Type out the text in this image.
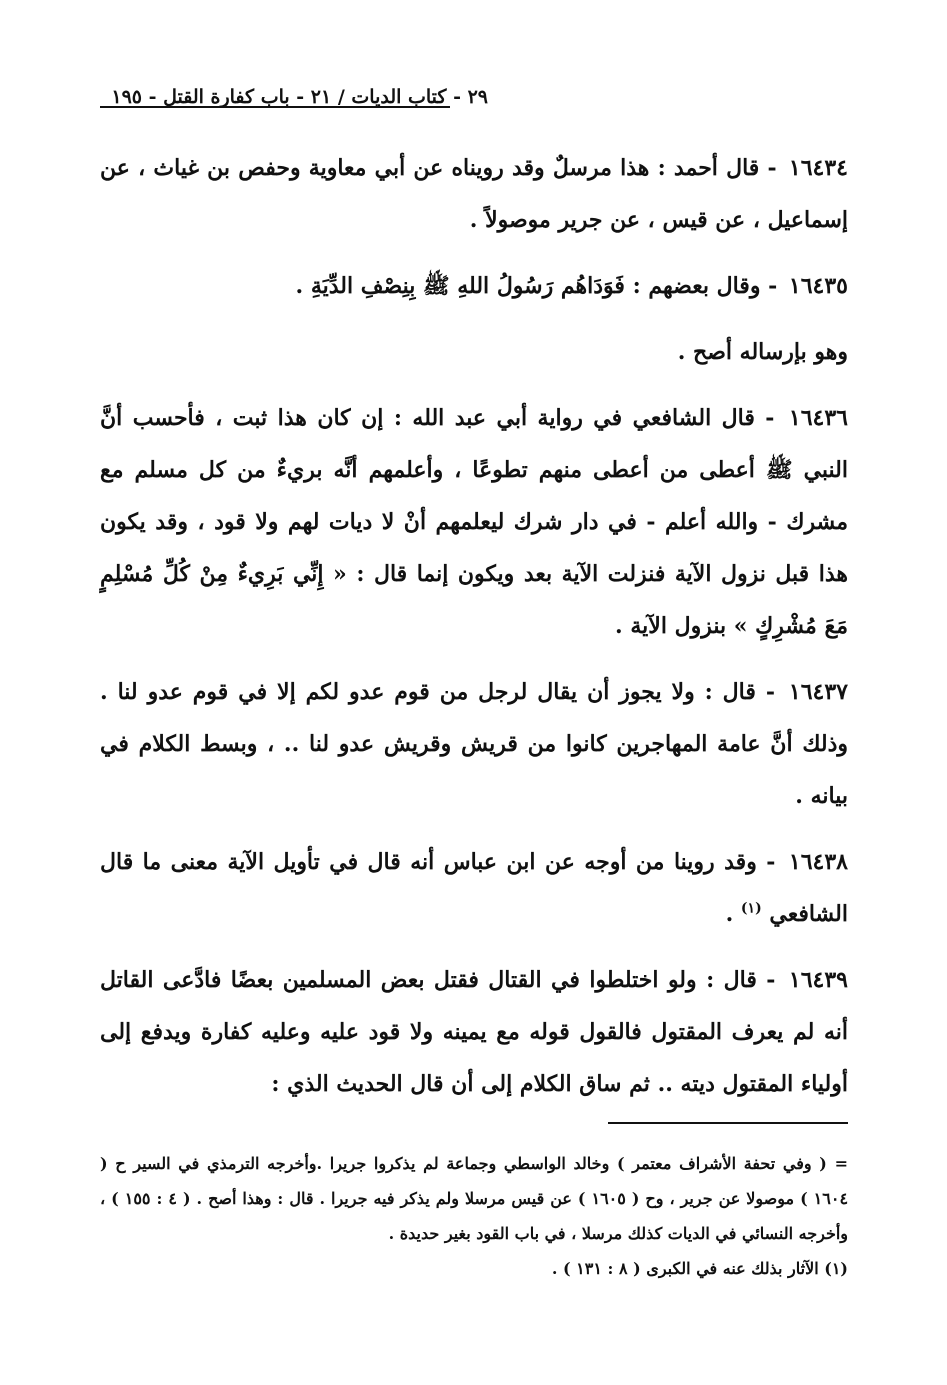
٢٩ - كتاب الديات / ٢١ - باب كفارة القتل - ١٩٥

١٦٤٣٤ - قال أحمد : هذا مرسلٌ وقد رويناه عن أبي معاوية وحفص بن غياث ، عن إسماعيل ، عن قيس ، عن جرير موصولاً .

١٦٤٣٥ - وقال بعضهم : فَوَدَاهُم رَسُولُ اللهِ ﷺ بِنِصْفِ الدِّيَةِ .

وهو بإرساله أصح .

١٦٤٣٦ - قال الشافعي في رواية أبي عبد الله : إن كان هذا ثبت ، فأحسب أنَّ النبي ﷺ أعطى من أعطى منهم تطوعًا ، وأعلمهم أنَّه بريءٌ من كل مسلم مع مشرك - والله أعلم - في دار شرك ليعلمهم أنْ لا ديات لهم ولا قود ، وقد يكون هذا قبل نزول الآية فنزلت الآية بعد ويكون إنما قال : « إِنِّي بَرِيءٌ مِنْ كُلِّ مُسْلِمٍ مَعَ مُشْرِكٍ » بنزول الآية .

١٦٤٣٧ - قال : ولا يجوز أن يقال لرجل من قوم عدو لكم إلا في قوم عدو لنا . وذلك أنَّ عامة المهاجرين كانوا من قريش وقريش عدو لنا .. ، وبسط الكلام في بيانه .

١٦٤٣٨ - وقد روينا من أوجه عن ابن عباس أنه قال في تأويل الآية معنى ما قال الشافعي $^{(١)}$ .

١٦٤٣٩ - قال : ولو اختلطوا في القتال فقتل بعض المسلمين بعضًا فادَّعى القاتل أنه لم يعرف المقتول فالقول قوله مع يمينه ولا قود عليه وعليه كفارة ويدفع إلى أولياء المقتول ديته .. ثم ساق الكلام إلى أن قال الحديث الذي :

= ( وفي تحفة الأشراف معتمر ) وخالد الواسطي وجماعة لم يذكروا جريرا .وأخرجه الترمذي في السير ح ( ١٦٠٤ ) موصولا عن جرير ، وح ( ١٦٠٥ ) عن قيس مرسلا ولم يذكر فيه جريرا . قال : وهذا أصح . ( ٤ : ١٥٥ ) ، وأخرجه النسائي في الديات كذلك مرسلا ، في باب القود بغير حديدة .

(١) الآثار بذلك عنه في الكبرى ( ٨ : ١٣١ ) .
